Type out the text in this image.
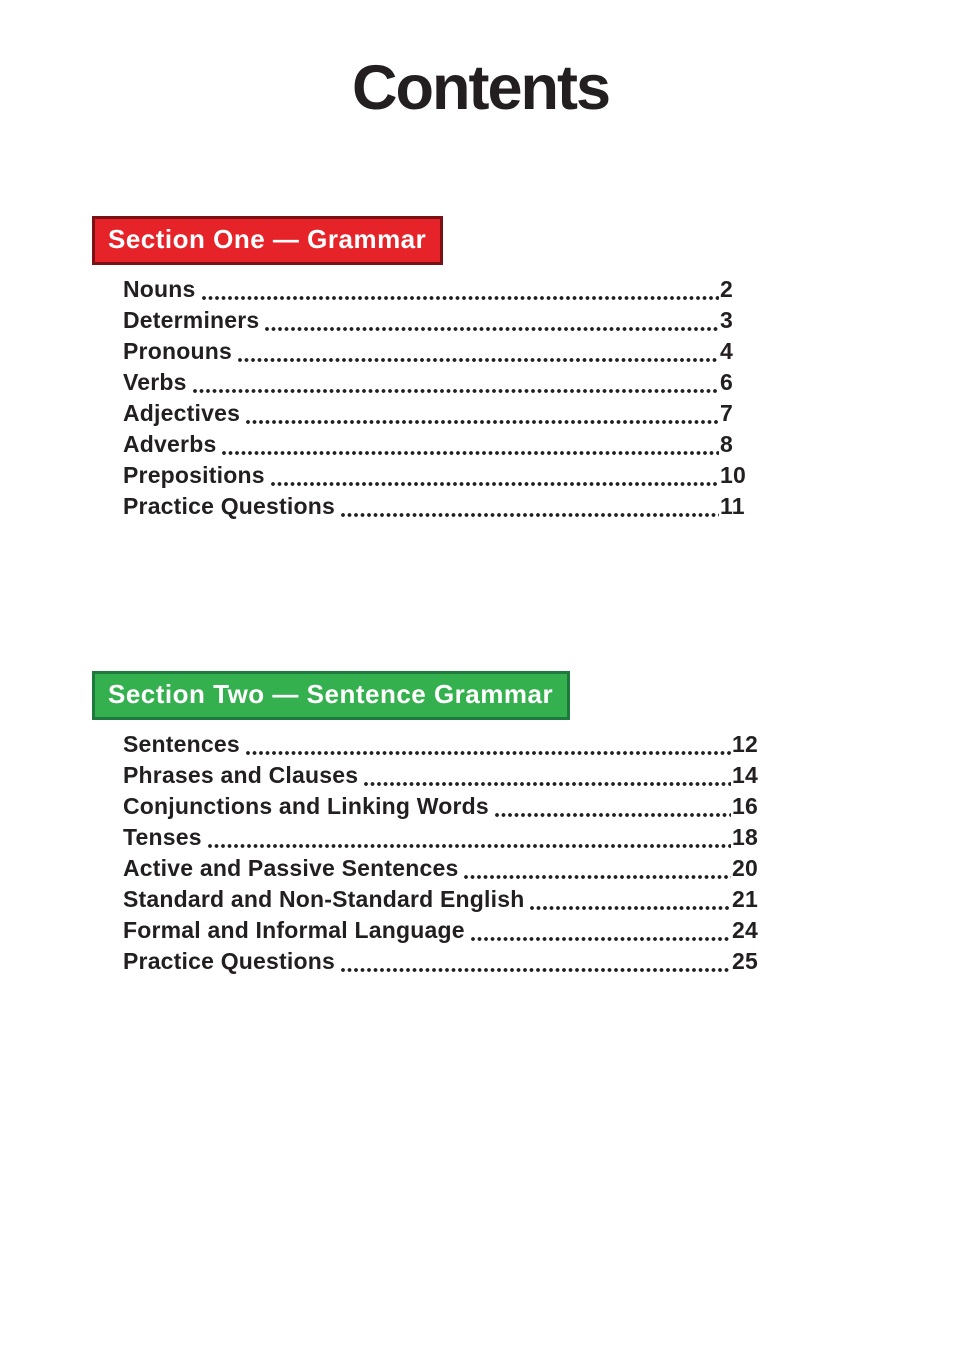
Contents
Section One — Grammar
Nouns	2
Determiners	3
Pronouns	4
Verbs	6
Adjectives	7
Adverbs	8
Prepositions	10
Practice Questions	11
Section Two — Sentence Grammar
Sentences	12
Phrases and Clauses	14
Conjunctions and Linking Words	16
Tenses	18
Active and Passive Sentences	20
Standard and Non-Standard English	21
Formal and Informal Language	24
Practice Questions	25
